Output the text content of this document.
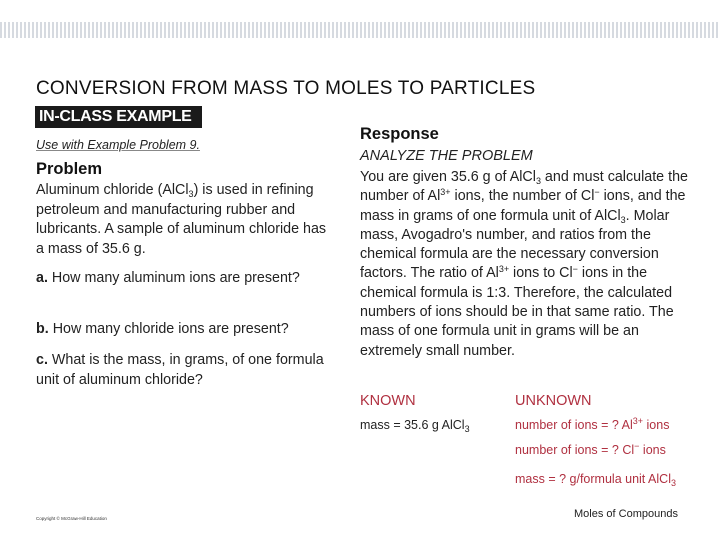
CONVERSION FROM MASS TO MOLES TO PARTICLES
IN-CLASS EXAMPLE
Use with Example Problem 9.
Problem
Aluminum chloride (AlCl$_3$) is used in refining petroleum and manufacturing rubber and lubricants. A sample of aluminum chloride has a mass of 35.6 g.
a. How many aluminum ions are present?
b. How many chloride ions are present?
c. What is the mass, in grams, of one formula unit of aluminum chloride?
Response
ANALYZE THE PROBLEM
You are given 35.6 g of AlCl$_3$ and must calculate the number of $Al^{3+}$ ions, the number of Cl− ions, and the mass in grams of one formula unit of AlCl$_3$. Molar mass, Avogadro's number, and ratios from the chemical formula are the necessary conversion factors. The ratio of $Al^{3+}$ ions to Cl− ions in the chemical formula is 1:3. Therefore, the calculated numbers of ions should be in that same ratio. The mass of one formula unit in grams will be an extremely small number.
KNOWN	UNKNOWN
mass = 35.6 g AlCl$_3$	number of ions = ? $Al^{3+}$ ions
number of ions = ? Cl− ions
mass = ? g/formula unit AlCl$_3$
Copyright © McGraw-Hill Education	Moles of Compounds
